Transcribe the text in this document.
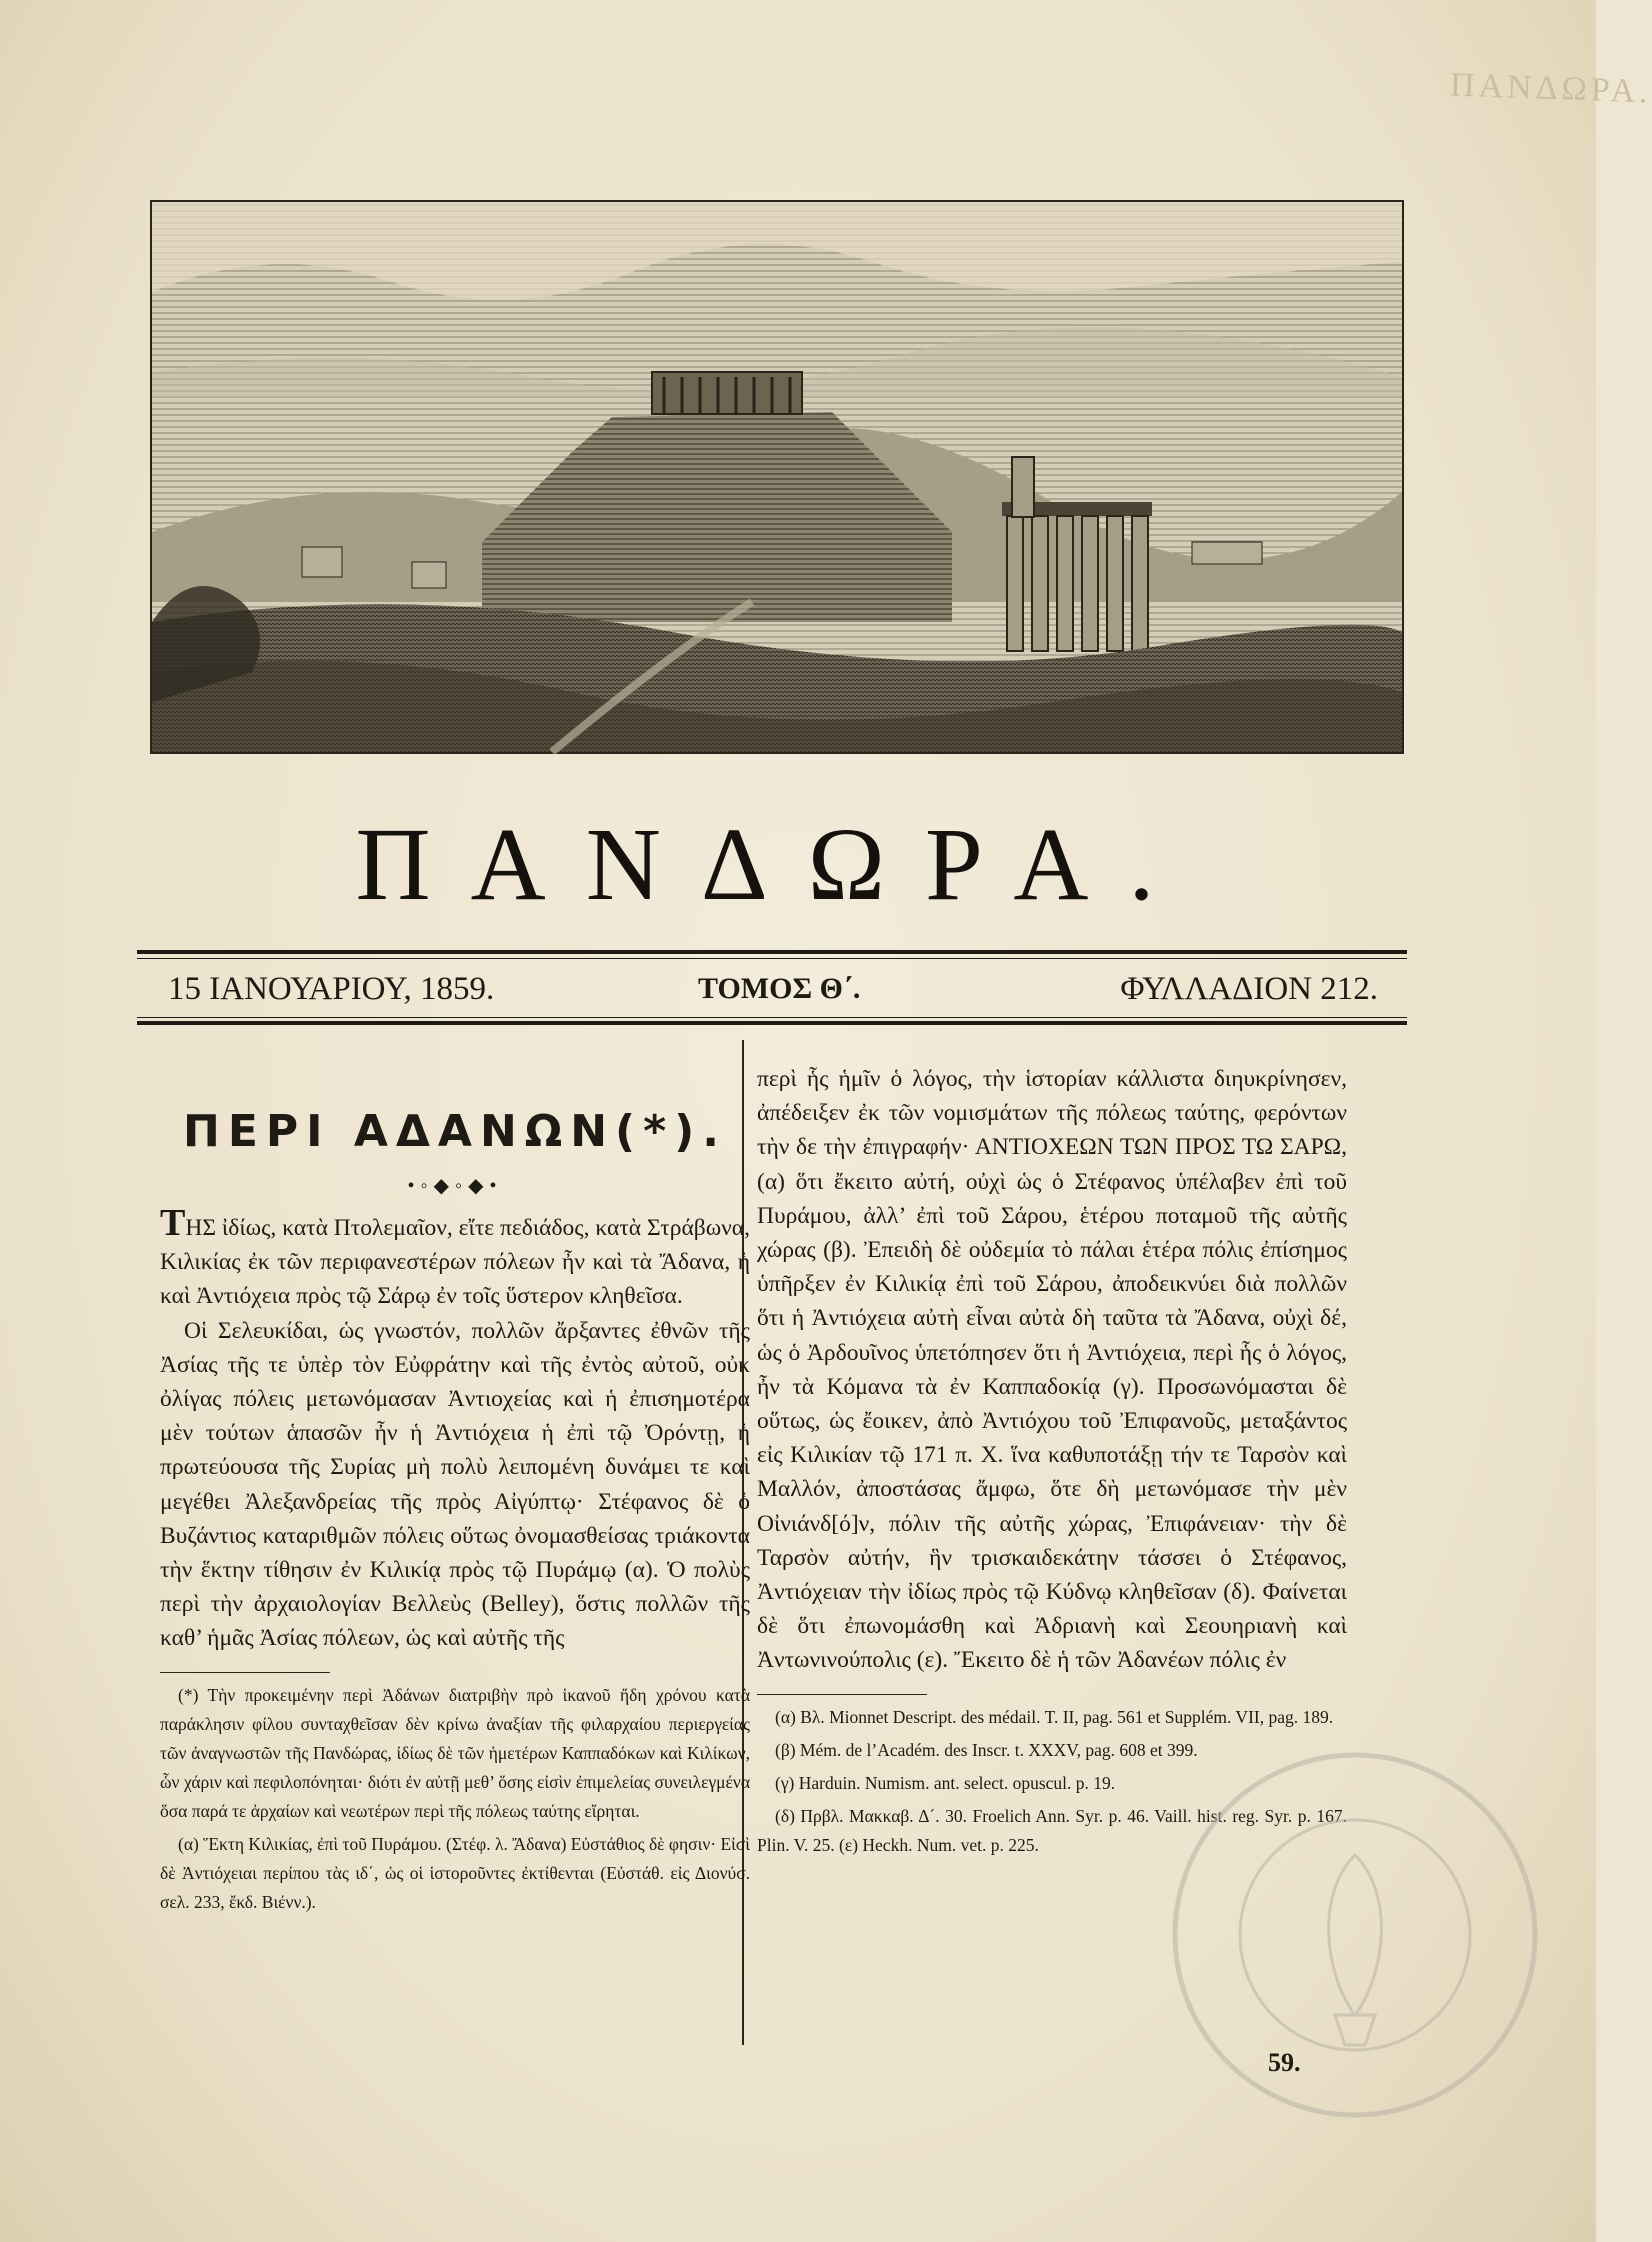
ΠΑΝΔΩΡΑ.
ΠΑΝΔΩΡΑ.
15 ΙΑΝΟΥΑΡΙΟΥ, 1859.	ΤΟΜΟΣ Θ΄.	ΦΥΛΛΑΔΙΟΝ 212.
ΠΕΡΙ ΑΔΑΝΩΝ(*).
•◦◆◦◆•

ΤΗΣ ἰδίως, κατὰ Πτολεμαῖον, εἴτε πεδιάδος, κατὰ Στράβωνα, Κιλικίας ἐκ τῶν περιφανεστέρων πόλεων ἦν καὶ τὰ Ἄδανα, ἡ καὶ Ἀντιόχεια πρὸς τῷ Σάρῳ ἐν τοῖς ὕστερον κληθεῖσα.

Οἱ Σελευκίδαι, ὡς γνωστόν, πολλῶν ἄρξαντες ἐθνῶν τῆς Ἀσίας τῆς τε ὑπὲρ τὸν Εὐφράτην καὶ τῆς ἐντὸς αὐτοῦ, οὐκ ὀλίγας πόλεις μετωνόμασαν Ἀντιοχείας καὶ ἡ ἐπισημοτέρα μὲν τούτων ἁπασῶν ἦν ἡ Ἀντιόχεια ἡ ἐπὶ τῷ Ὀρόντῃ, ἡ πρωτεύουσα τῆς Συρίας μὴ πολὺ λειπομένη δυνάμει τε καὶ μεγέθει Ἀλεξανδρείας τῆς πρὸς Αἰγύπτῳ· Στέφανος δὲ ὁ Βυζάντιος καταριθμῶν πόλεις οὕτως ὀνομασθείσας τριάκοντα τὴν ἕκτην τίθησιν ἐν Κιλικίᾳ πρὸς τῷ Πυράμῳ (α). Ὁ πολὺς περὶ τὴν ἀρχαιολογίαν Βελλεὺς (Belley), ὅστις πολλῶν τῆς καθ’ ἡμᾶς Ἀσίας πόλεων, ὡς καὶ αὐτῆς τῆς

(*) Τὴν προκειμένην περὶ Ἀδάνων διατριβὴν πρὸ ἱκανοῦ ἤδη χρόνου κατὰ παράκλησιν φίλου συνταχθεῖσαν δὲν κρίνω ἀναξίαν τῆς φιλαρχαίου περιεργείας τῶν ἀναγνωστῶν τῆς Πανδώρας, ἰδίως δὲ τῶν ἡμετέρων Καππαδόκων καὶ Κιλίκων, ὧν χάριν καὶ πεφιλοπόνηται· διότι ἐν αὐτῇ μεθ’ ὅσης εἰσὶν ἐπιμελείας συνειλεγμένα ὅσα παρά τε ἀρχαίων καὶ νεωτέρων περὶ τῆς πόλεως ταύτης εἴρηται.

(α) Ἕκτη Κιλικίας, ἐπὶ τοῦ Πυράμου. (Στέφ. λ. Ἄδανα) Εὐστάθιος δὲ φησιν· Εἰσὶ δὲ Ἀντιόχειαι περίπου τὰς ιδ΄, ὡς οἱ ἱστοροῦντες ἐκτίθενται (Εὐστάθ. εἰς Διονύσ. σελ. 233, ἔκδ. Βιένν.).

περὶ ἧς ἡμῖν ὁ λόγος, τὴν ἱστορίαν κάλλιστα διηυκρίνησεν, ἀπέδειξεν ἐκ τῶν νομισμάτων τῆς πόλεως ταύτης, φερόντων τὴν δε τὴν ἐπιγραφήν· ΑΝΤΙΟΧΕΩΝ ΤΩΝ ΠΡΟΣ ΤΩ ΣΑΡΩ, (α) ὅτι ἔκειτο αὐτή, οὐχὶ ὡς ὁ Στέφανος ὑπέλαβεν ἐπὶ τοῦ Πυράμου, ἀλλ’ ἐπὶ τοῦ Σάρου, ἑτέρου ποταμοῦ τῆς αὐτῆς χώρας (β). Ἐπειδὴ δὲ οὐδεμία τὸ πάλαι ἑτέρα πόλις ἐπίσημος ὑπῆρξεν ἐν Κιλικίᾳ ἐπὶ τοῦ Σάρου, ἀποδεικνύει διὰ πολλῶν ὅτι ἡ Ἀντιόχεια αὐτὴ εἶναι αὐτὰ δὴ ταῦτα τὰ Ἄδανα, οὐχὶ δέ, ὡς ὁ Ἀρδουῖνος ὑπετόπησεν ὅτι ἡ Ἀντιόχεια, περὶ ἧς ὁ λόγος, ἦν τὰ Κόμανα τὰ ἐν Καππαδοκίᾳ (γ). Προσωνόμασται δὲ οὕτως, ὡς ἔοικεν, ἀπὸ Ἀντιόχου τοῦ Ἐπιφανοῦς, μεταξάντος εἰς Κιλικίαν τῷ 171 π. Χ. ἵνα καθυποτάξῃ τήν τε Ταρσὸν καὶ Μαλλόν, ἀποστάσας ἄμφω, ὅτε δὴ μετωνόμασε τὴν μὲν Οἰνιάνδ[ό]ν, πόλιν τῆς αὐτῆς χώρας, Ἐπιφάνειαν· τὴν δὲ Ταρσὸν αὐτήν, ἣν τρισκαιδεκάτην τάσσει ὁ Στέφανος, Ἀντιόχειαν τὴν ἰδίως πρὸς τῷ Κύδνῳ κληθεῖσαν (δ). Φαίνεται δὲ ὅτι ἐπωνομάσθη καὶ Ἀδριανὴ καὶ Σεουηριανὴ καὶ Ἀντωνινούπολις (ε). Ἔκειτο δὲ ἡ τῶν Ἀδανέων πόλις ἐν

(α) Βλ. Mionnet Descript. des médail. T. II, pag. 561 et Supplém. VII, pag. 189.

(β) Mém. de l’Académ. des Inscr. t. XXXV, pag. 608 et 399.

(γ) Harduin. Numism. ant. select. opuscul. p. 19.

(δ) Πρβλ. Μακκαβ. Δ΄. 30. Froelich Ann. Syr. p. 46. Vaill. hist. reg. Syr. p. 167. Plin. V. 25. (ε) Heckh. Num. vet. p. 225.

59.
